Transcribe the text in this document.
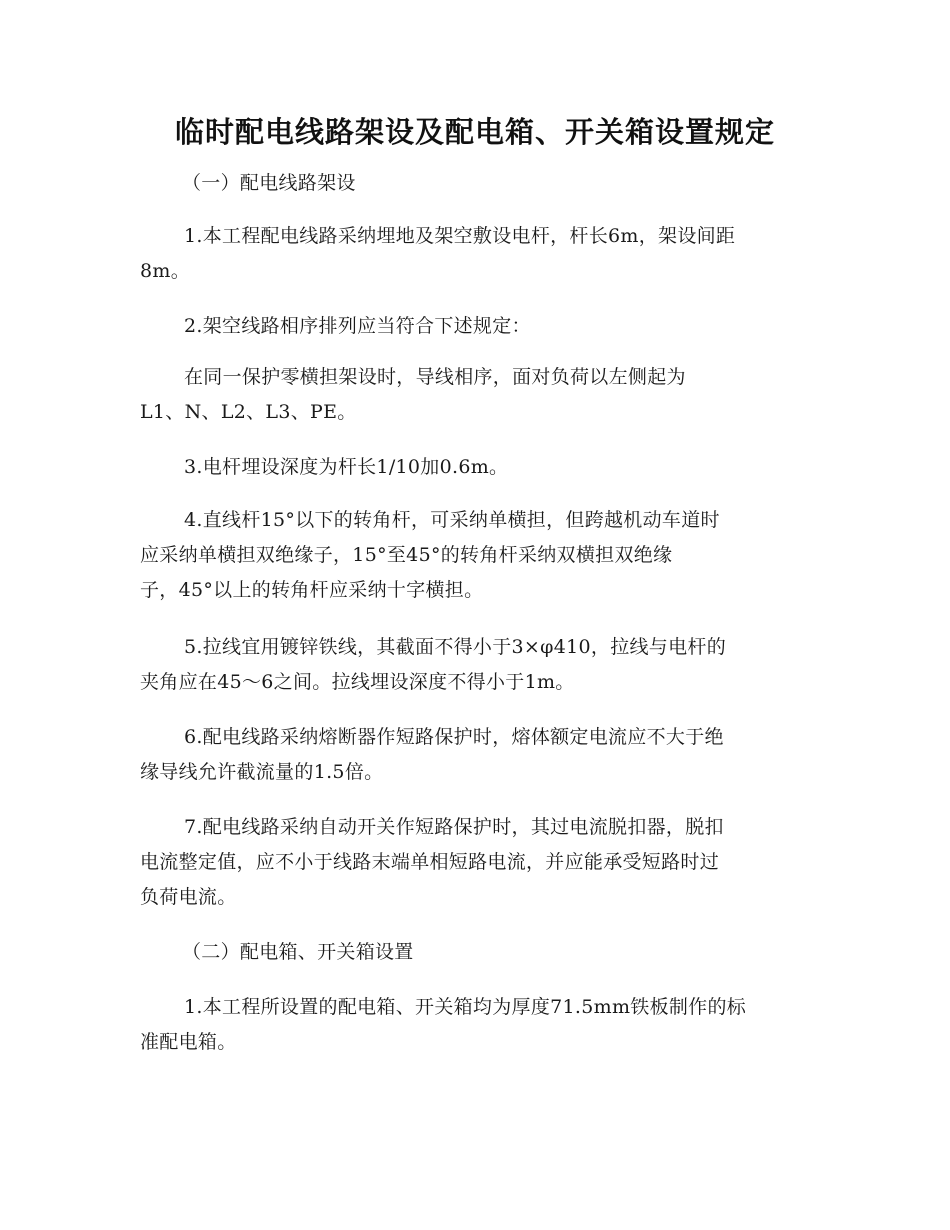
临时配电线路架设及配电箱、开关箱设置规定
（一）配电线路架设
1.本工程配电线路采纳埋地及架空敷设电杆，杆长6m，架设间距
8m。
2.架空线路相序排列应当符合下述规定：
在同一保护零横担架设时，导线相序，面对负荷以左侧起为
L1、N、L2、L3、PE。
3.电杆埋设深度为杆长1/10加0.6m。
4.直线杆15°以下的转角杆，可采纳单横担，但跨越机动车道时
应采纳单横担双绝缘子，15°至45°的转角杆采纳双横担双绝缘
子，45°以上的转角杆应采纳十字横担。
5.拉线宜用镀锌铁线，其截面不得小于3×φ410，拉线与电杆的
夹角应在45～6之间。拉线埋设深度不得小于1m。
6.配电线路采纳熔断器作短路保护时，熔体额定电流应不大于绝
缘导线允许截流量的1.5倍。
7.配电线路采纳自动开关作短路保护时，其过电流脱扣器，脱扣
电流整定值，应不小于线路末端单相短路电流，并应能承受短路时过
负荷电流。
（二）配电箱、开关箱设置
1.本工程所设置的配电箱、开关箱均为厚度71.5mm铁板制作的标
准配电箱。
